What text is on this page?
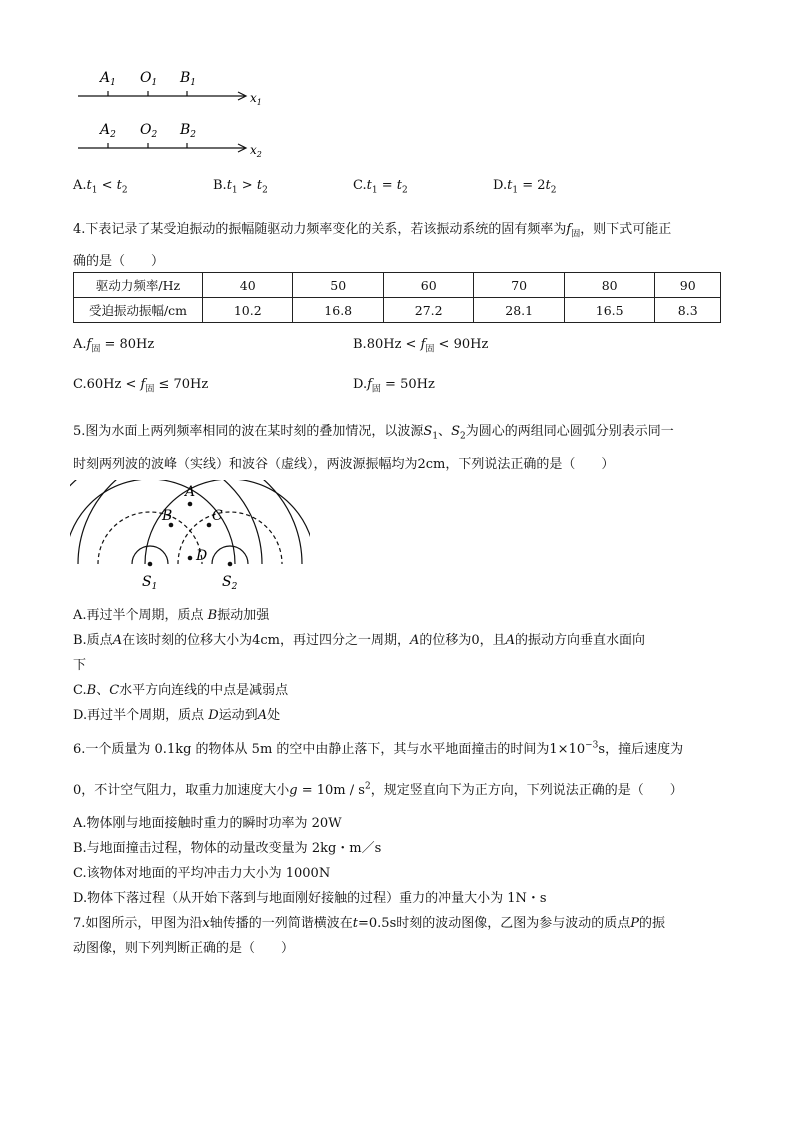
$A_1$ $O_1$ $B_1$
$x_1$
$A_2$ $O_2$ $B_2$
$x_2$
$A.t_1 < t_2$	$B.t_1 > t_2$	$C.t_1 = t_2$	$D.t_1 = 2t_2$
4.下表记录了某受迫振动的振幅随驱动力频率变化的关系，若该振动系统的固有频率为$f_固$，则下式可能正
确的是（　　）
驱动力频率/Hz	40	50	60	70	80	90
受迫振动振幅/cm	10.2	16.8	27.2	28.1	16.5	8.3
$A.f_固 = 80Hz$	$B.80Hz < f_固 < 90Hz$
$C.60Hz < f_固 \le 70Hz$	$D.f_固 = 50Hz$
5.图为水面上两列频率相同的波在某时刻的叠加情况，以波源$S_1$、$S_2$为圆心的两组同心圆弧分别表示同一
时刻两列波的波峰（实线）和波谷（虚线），两波源振幅均为2cm，下列说法正确的是（　　）
A
B	C
D
$S_1$	$S_2$
A.再过半个周期，质点 B振动加强
B.质点A在该时刻的位移大小为4cm，再过四分之一周期，A的位移为0，且A的振动方向垂直水面向
下
C.B、C水平方向连线的中点是减弱点
D.再过半个周期，质点 D运动到A处
6.一个质量为 0.1kg 的物体从 5m 的空中由静止落下，其与水平地面撞击的时间为$1\times 10^{-3}s$，撞后速度为
0，不计空气阻力，取重力加速度大小$g = 10m / s^2$，规定竖直向下为正方向，下列说法正确的是（　　）
A.物体刚与地面接触时重力的瞬时功率为 20W
B.与地面撞击过程，物体的动量改变量为 2kg・m／s
C.该物体对地面的平均冲击力大小为 1000N
D.物体下落过程（从开始下落到与地面刚好接触的过程）重力的冲量大小为 1N・s
7.如图所示，甲图为沿x轴传播的一列简谐横波在t=0.5s时刻的波动图像，乙图为参与波动的质点P的振
动图像，则下列判断正确的是（　　）
